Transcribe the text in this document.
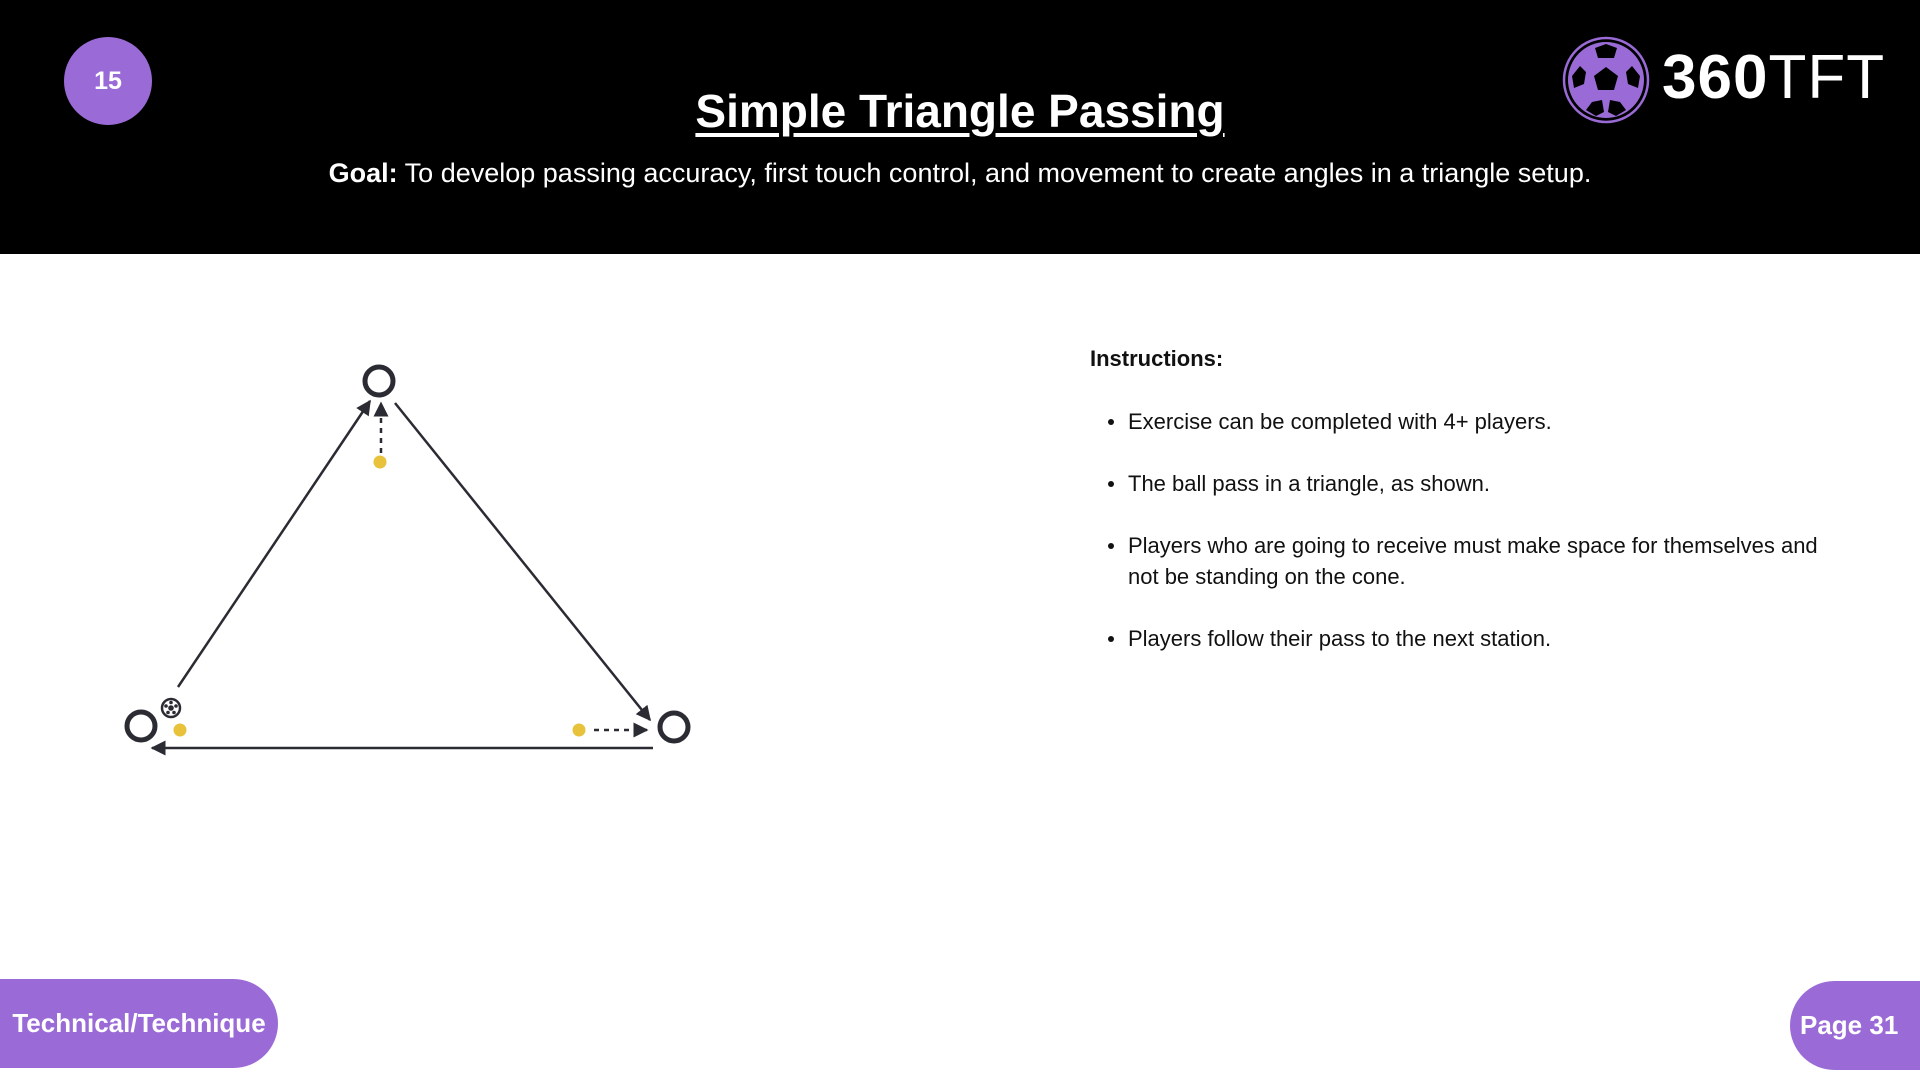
15
Simple Triangle Passing
Goal: To develop passing accuracy, first touch control, and movement to create angles in a triangle setup.
360TFT

Instructions:

Exercise can be completed with 4+ players.
The ball pass in a triangle, as shown.
Players who are going to receive must make space for themselves and not be standing on the cone.
Players follow their pass to the next station.
Technical/Technique	Page 31
